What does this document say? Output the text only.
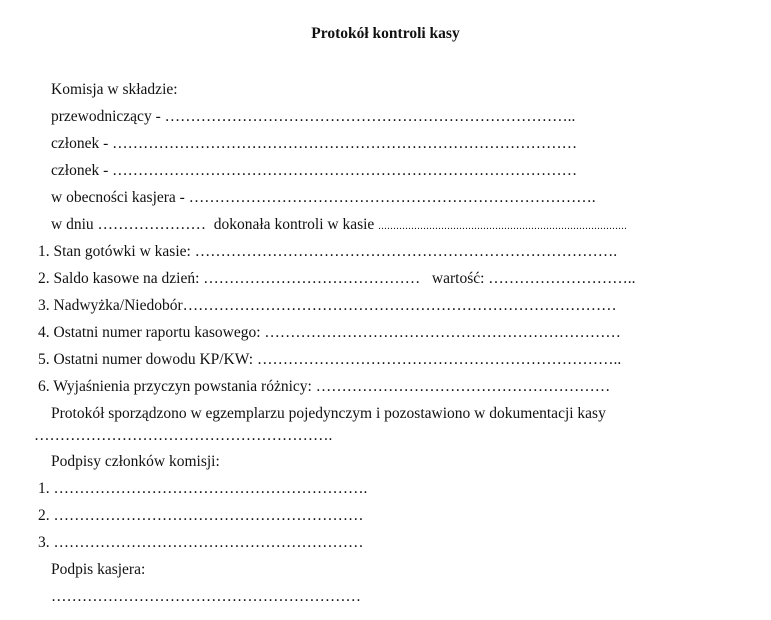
Protokół kontroli kasy
Komisja w składzie:
przewodniczący - ……………………………………………………………………..
członek - ………………………………………………………………………………
członek - ………………………………………………………………………………
w obecności kasjera - …………………………………………………………………….
w dniu …………………  dokonała kontroli w kasie ...................................................................................
1. Stan gotówki w kasie: ……………………………………………………………………….
2. Saldo kasowe na dzień: ……………………………………   wartość: ………………………..
3. Nadwyżka/Niedobór…………………………………………………………………………
4. Ostatni numer raportu kasowego: ……………………………………………………………
5. Ostatni numer dowodu KP/KW: ……………………………………………………………..
6. Wyjaśnienia przyczyn powstania różnicy: …………………………………………………
Protokół sporządzono w egzemplarzu pojedynczym i pozostawiono w dokumentacji kasy
………………………………………………….
Podpisy członków komisji:
1. …………………………………………………….
2. ……………………………………………………
3. ……………………………………………………
Podpis kasjera:
……………………………………………………
